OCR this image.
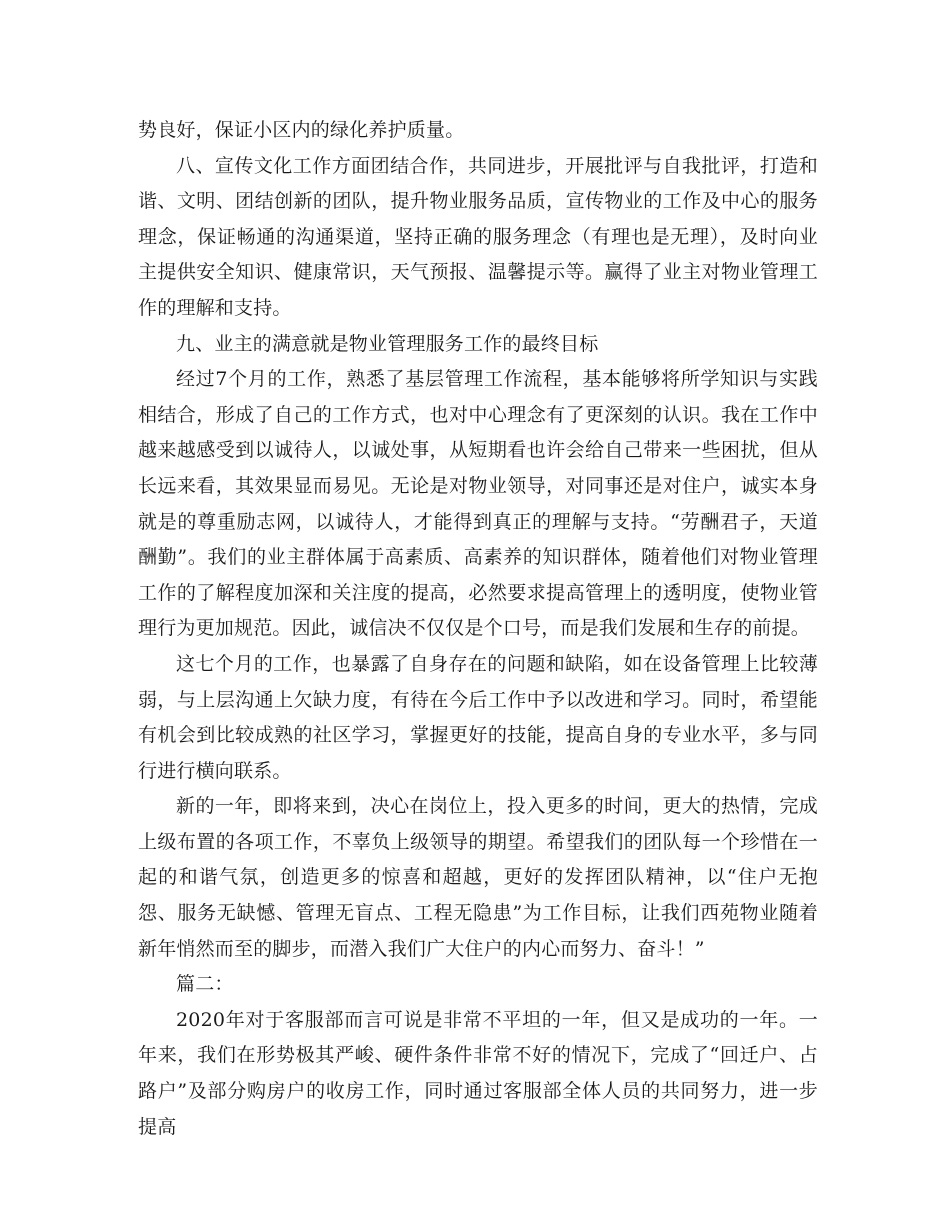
势良好，保证小区内的绿化养护质量。

八、宣传文化工作方面团结合作，共同进步，开展批评与自我批评，打造和谐、文明、团结创新的团队，提升物业服务品质，宣传物业的工作及中心的服务理念，保证畅通的沟通渠道，坚持正确的服务理念（有理也是无理），及时向业主提供安全知识、健康常识，天气预报、温馨提示等。赢得了业主对物业管理工作的理解和支持。

九、业主的满意就是物业管理服务工作的最终目标

经过7个月的工作，熟悉了基层管理工作流程，基本能够将所学知识与实践相结合，形成了自己的工作方式，也对中心理念有了更深刻的认识。我在工作中越来越感受到以诚待人，以诚处事，从短期看也许会给自己带来一些困扰，但从长远来看，其效果显而易见。无论是对物业领导，对同事还是对住户，诚实本身就是的尊重励志网，以诚待人，才能得到真正的理解与支持。“劳酬君子，天道酬勤”。我们的业主群体属于高素质、高素养的知识群体，随着他们对物业管理工作的了解程度加深和关注度的提高，必然要求提高管理上的透明度，使物业管理行为更加规范。因此，诚信决不仅仅是个口号，而是我们发展和生存的前提。

这七个月的工作，也暴露了自身存在的问题和缺陷，如在设备管理上比较薄弱，与上层沟通上欠缺力度，有待在今后工作中予以改进和学习。同时，希望能有机会到比较成熟的社区学习，掌握更好的技能，提高自身的专业水平，多与同行进行横向联系。

新的一年，即将来到，决心在岗位上，投入更多的时间，更大的热情，完成上级布置的各项工作，不辜负上级领导的期望。希望我们的团队每一个珍惜在一起的和谐气氛，创造更多的惊喜和超越，更好的发挥团队精神，以“住户无抱怨、服务无缺憾、管理无盲点、工程无隐患”为工作目标，让我们西苑物业随着新年悄然而至的脚步，而潜入我们广大住户的内心而努力、奋斗！”

篇二：

2020年对于客服部而言可说是非常不平坦的一年，但又是成功的一年。一年来，我们在形势极其严峻、硬件条件非常不好的情况下，完成了“回迁户、占路户”及部分购房户的收房工作，同时通过客服部全体人员的共同努力，进一步提高
